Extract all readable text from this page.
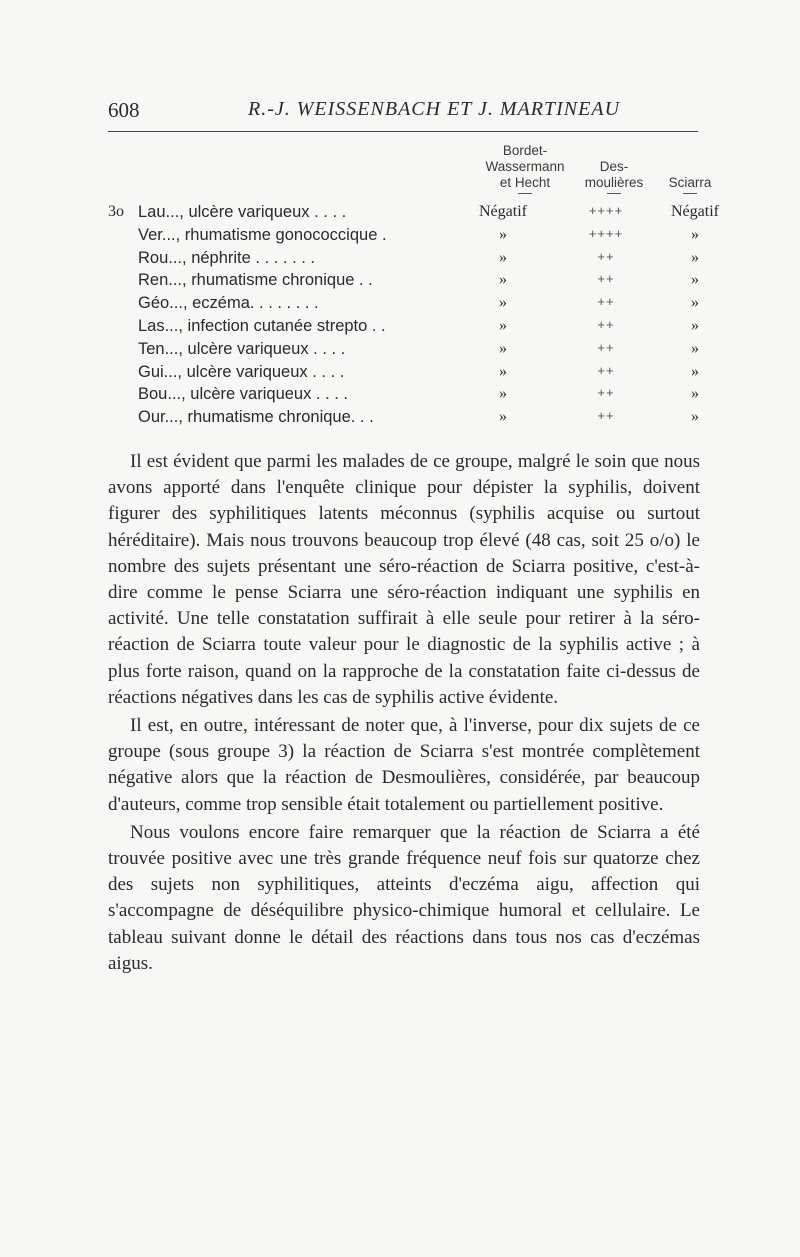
608	R.-J. WEISSENBACH ET J. MARTINEAU
Bordet-
Wassermann
et Hecht

Des-
moulières

	Sciarra
3o Lau..., ulcère variqueux . . . .	Négatif	++++	Négatif
Ver..., rhumatisme gonococcique .	»	++++	»
Rou..., néphrite . . . . . . .	»	++	»
Ren..., rhumatisme chronique . .	»	++	»
Géo..., eczéma. . . . . . . .	»	++	»
Las..., infection cutanée strepto . .	»	++	»
Ten..., ulcère variqueux . . . .	»	++	»
Gui..., ulcère variqueux . . . .	»	++	»
Bou..., ulcère variqueux . . . .	»	++	»
Our..., rhumatisme chronique. . .	»	++	»

Il est évident que parmi les malades de ce groupe, malgré le soin que nous avons apporté dans l'enquête clinique pour dépister la syphilis, doivent figurer des syphilitiques latents méconnus (syphilis acquise ou surtout héréditaire). Mais nous trouvons beaucoup trop élevé (48 cas, soit 25 o/o) le nombre des sujets présentant une séro-réaction de Sciarra positive, c'est-à-dire comme le pense Sciarra une séro-réaction indiquant une syphilis en activité. Une telle constatation suffirait à elle seule pour retirer à la séro-réaction de Sciarra toute valeur pour le diagnostic de la syphilis active ; à plus forte raison, quand on la rapproche de la constatation faite ci-dessus de réactions négatives dans les cas de syphilis active évidente.

Il est, en outre, intéressant de noter que, à l'inverse, pour dix sujets de ce groupe (sous groupe 3) la réaction de Sciarra s'est montrée complètement négative alors que la réaction de Desmoulières, considérée, par beaucoup d'auteurs, comme trop sensible était totalement ou partiellement positive.

Nous voulons encore faire remarquer que la réaction de Sciarra a été trouvée positive avec une très grande fréquence neuf fois sur quatorze chez des sujets non syphilitiques, atteints d'eczéma aigu, affection qui s'accompagne de déséquilibre physico-chimique humoral et cellulaire. Le tableau suivant donne le détail des réactions dans tous nos cas d'eczémas aigus.
